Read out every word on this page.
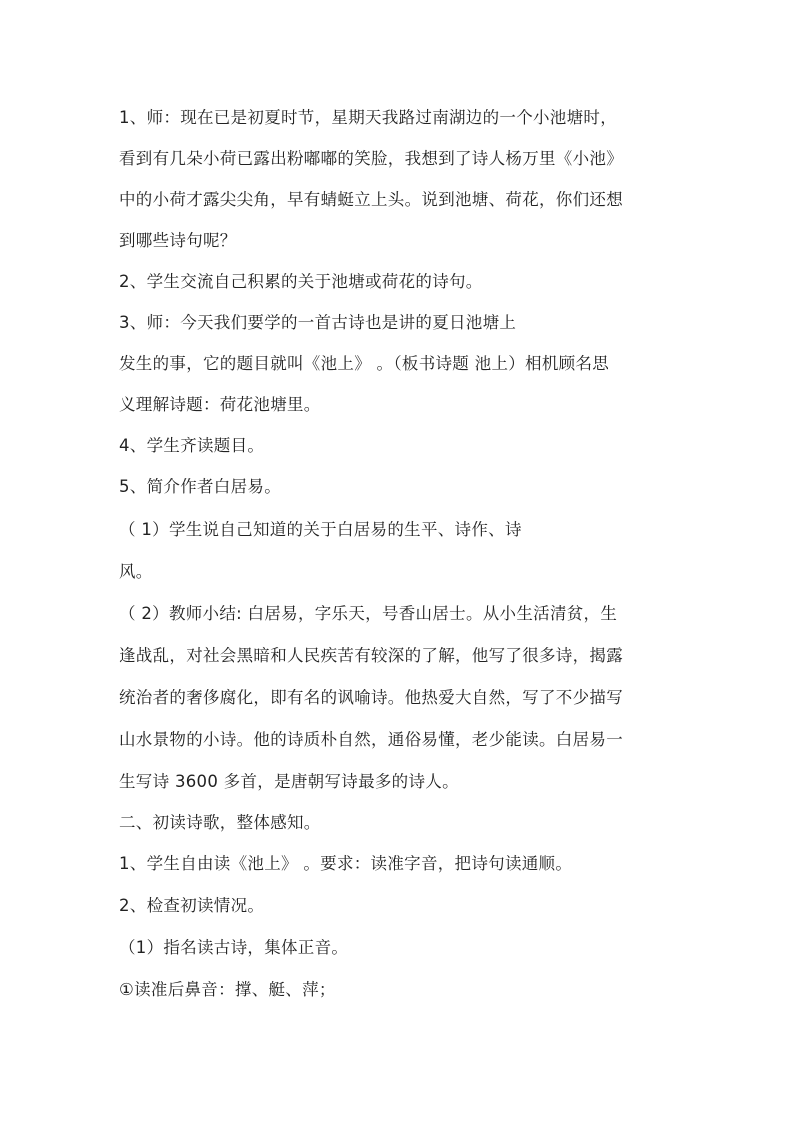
1、师：现在已是初夏时节，星期天我路过南湖边的一个小池塘时，
看到有几朵小荷已露出粉嘟嘟的笑脸，我想到了诗人杨万里《小池》
中的小荷才露尖尖角，早有蜻蜓立上头。说到池塘、荷花，你们还想
到哪些诗句呢？
2、学生交流自己积累的关于池塘或荷花的诗句。
3、师：今天我们要学的一首古诗也是讲的夏日池塘上
发生的事，它的题目就叫《池上》 。（板书诗题 池上）相机顾名思
义理解诗题：荷花池塘里。
4、学生齐读题目。
5、简介作者白居易。
（ 1）学生说自己知道的关于白居易的生平、诗作、诗
风。
（ 2）教师小结: 白居易，字乐天，号香山居士。从小生活清贫，生
逢战乱，对社会黑暗和人民疾苦有较深的了解，他写了很多诗，揭露
统治者的奢侈腐化，即有名的讽喻诗。他热爱大自然，写了不少描写
山水景物的小诗。他的诗质朴自然，通俗易懂，老少能读。白居易一
生写诗 3600 多首，是唐朝写诗最多的诗人。
二、初读诗歌，整体感知。
1、学生自由读《池上》 。要求：读准字音，把诗句读通顺。
2、检查初读情况。
（1）指名读古诗，集体正音。
①读准后鼻音：撑、艇、萍；
